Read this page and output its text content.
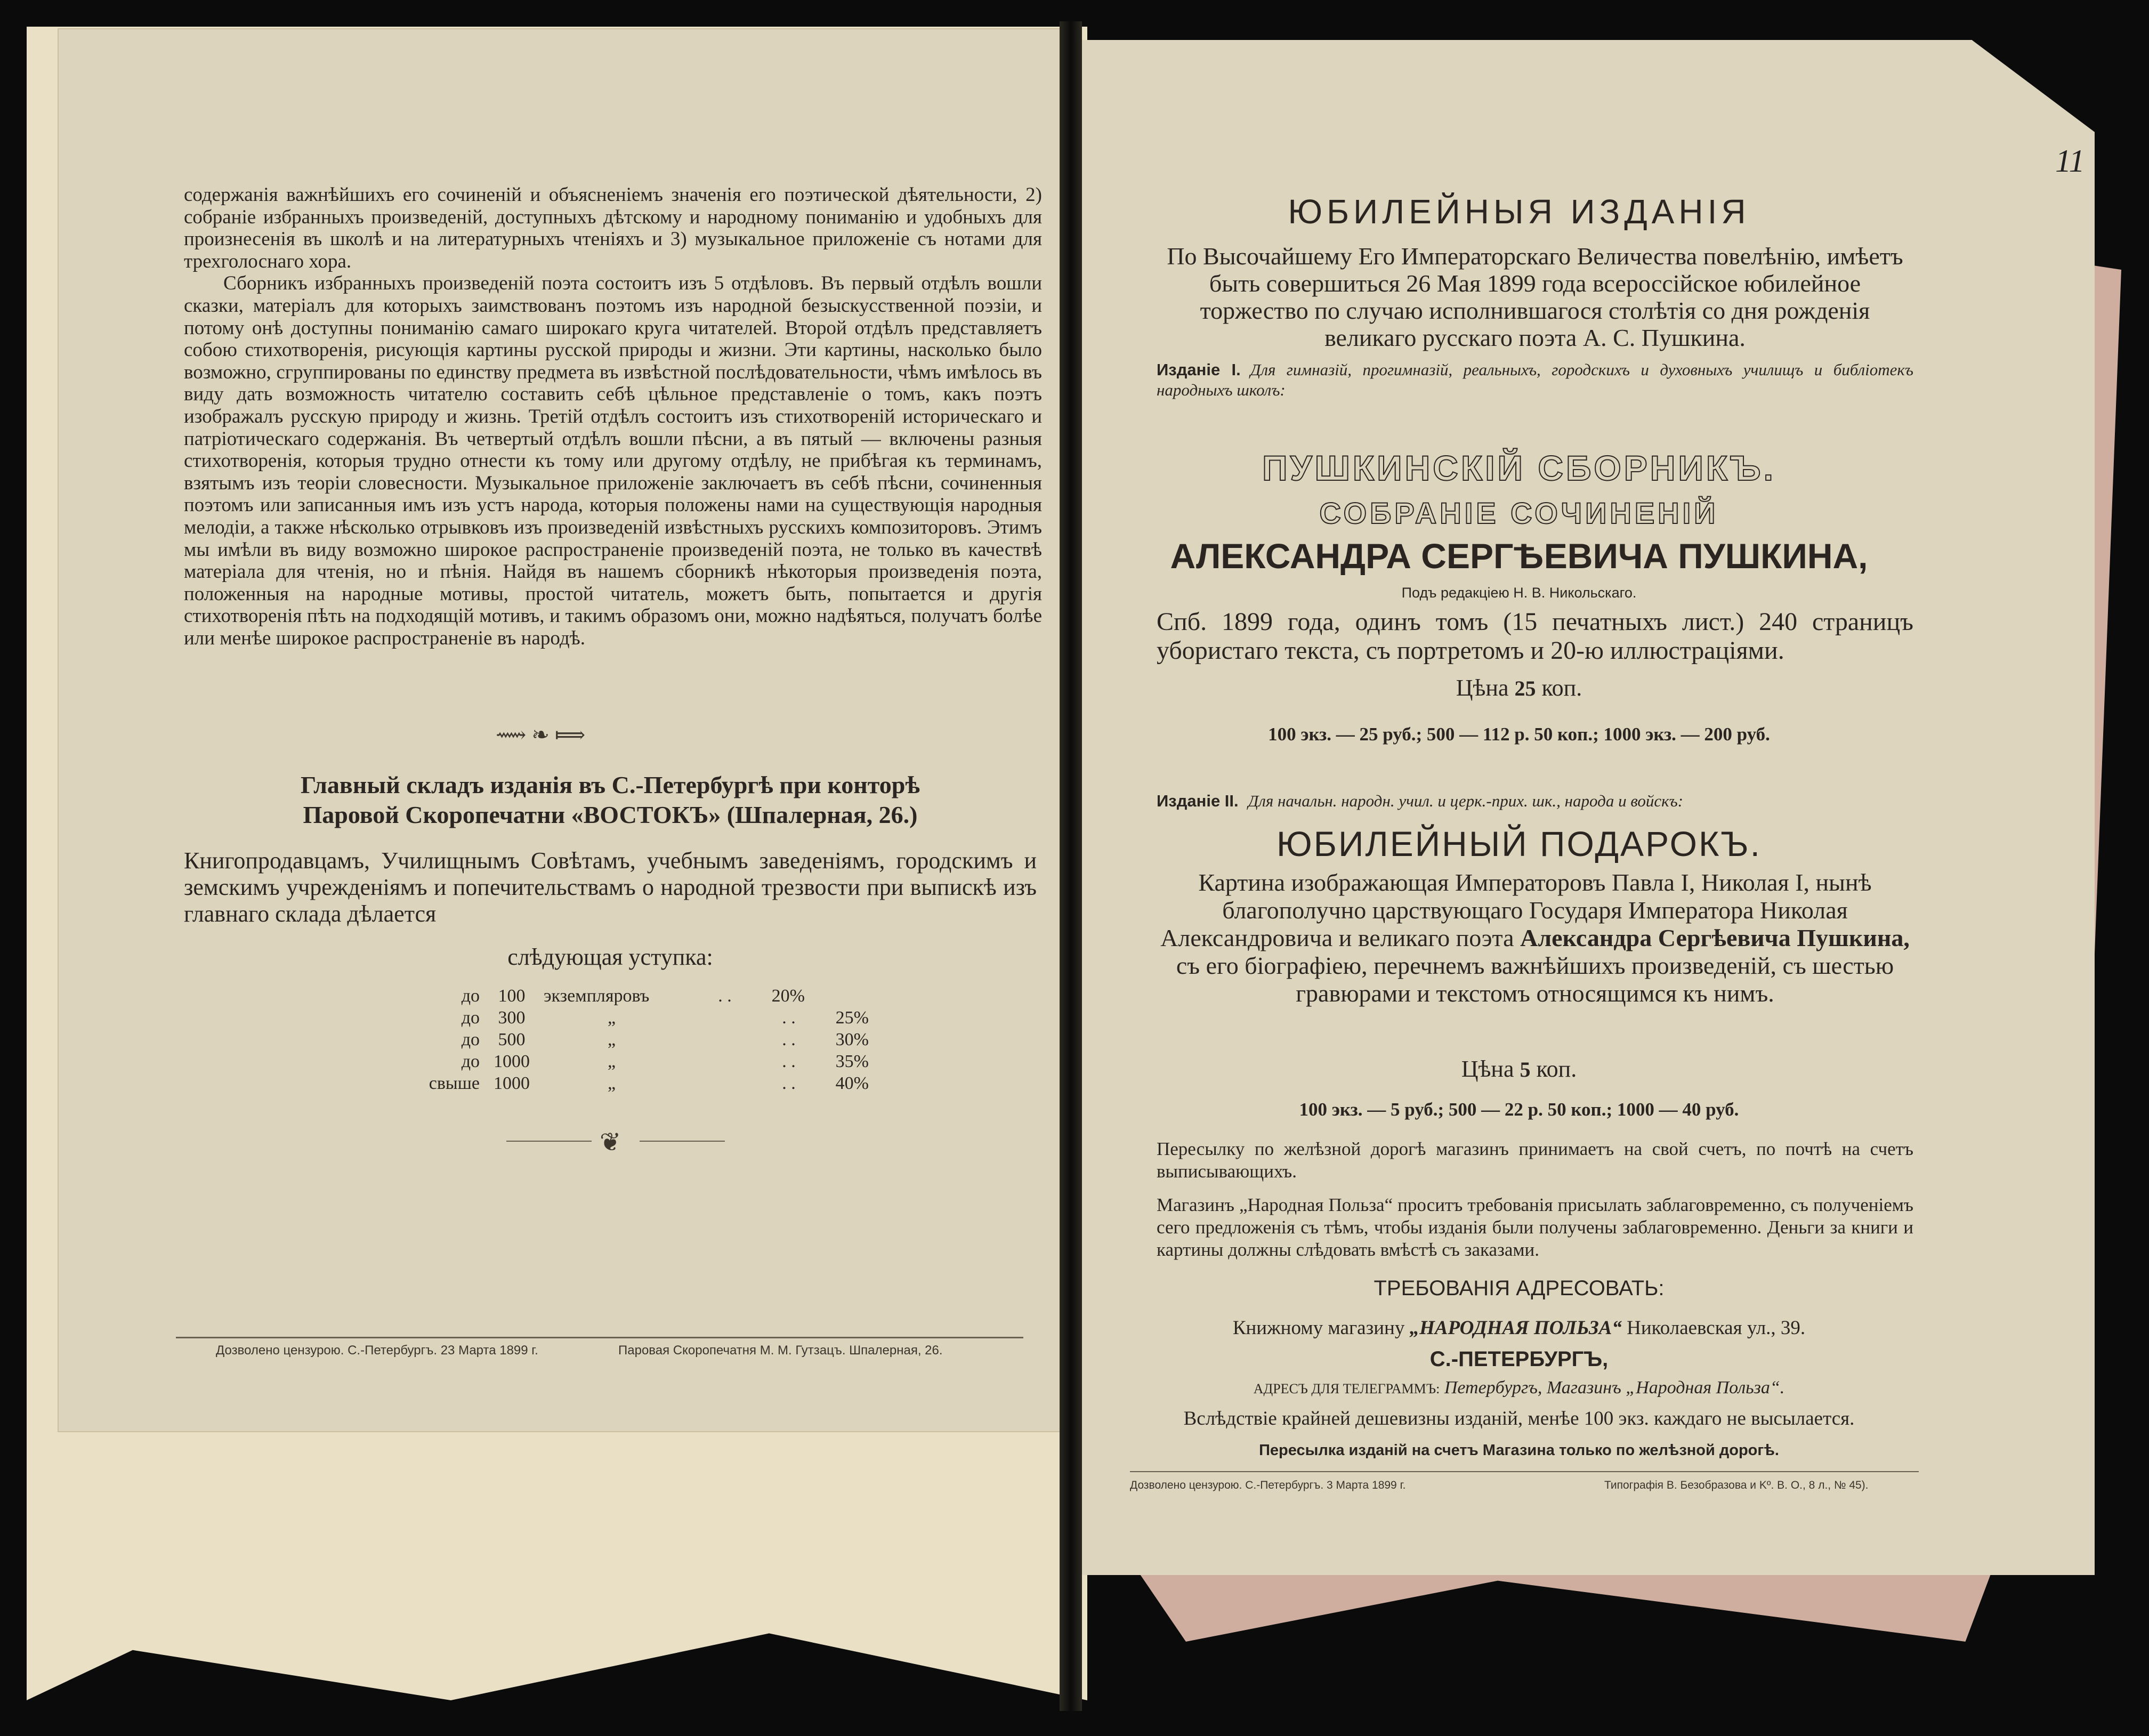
содержанія важнѣйшихъ его сочиненій и объясненіемъ значенія его поэтической дѣятельности, 2) собраніе избранныхъ произведеній, доступныхъ дѣтскому и народному пониманію и удобныхъ для произнесенія въ школѣ и на литературныхъ чтеніяхъ и 3) музыкальное приложеніе съ нотами для трехголоснаго хора.

Сборникъ избранныхъ произведеній поэта состоитъ изъ 5 отдѣловъ. Въ первый отдѣлъ вошли сказки, матеріалъ для которыхъ заимствованъ поэтомъ изъ народной безыскусственной поэзіи, и потому онѣ доступны пониманію самаго широкаго круга читателей. Второй отдѣлъ представляетъ собою стихотворенія, рисующія картины русской природы и жизни. Эти картины, насколько было возможно, сгруппированы по единству предмета въ извѣстной послѣдовательности, чѣмъ имѣлось въ виду дать возможность читателю составить себѣ цѣльное представленіе о томъ, какъ поэтъ изображалъ русскую природу и жизнь. Третій отдѣлъ состоитъ изъ стихотвореній историческаго и патріотическаго содержанія. Въ четвертый отдѣлъ вошли пѣсни, а въ пятый — включены разныя стихотворенія, которыя трудно отнести къ тому или другому отдѣлу, не прибѣгая къ терминамъ, взятымъ изъ теоріи словесности. Музыкальное приложеніе заключаетъ въ себѣ пѣсни, сочиненныя поэтомъ или записанныя имъ изъ устъ народа, которыя положены нами на существующія народныя мелодіи, а также нѣсколько отрывковъ изъ произведеній извѣстныхъ русскихъ композиторовъ. Этимъ мы имѣли въ виду возможно широкое распространеніе произведеній поэта, не только въ качествѣ матеріала для чтенія, но и пѣнія. Найдя въ нашемъ сборникѣ нѣкоторыя произведенія поэта, положенныя на народные мотивы, простой читатель, можетъ быть, попытается и другія стихотворенія пѣть на подходящій мотивъ, и такимъ образомъ они, можно надѣяться, получатъ болѣе или менѣе широкое распространеніе въ народѣ.

⟿ ❧ ⟾
Главный складъ изданія въ С.-Петербургѣ при конторѣ
Паровой Скоропечатни «ВОСТОКЪ» (Шпалерная, 26.)
Книгопродавцамъ, Училищнымъ Совѣтамъ, учебнымъ заведеніямъ, городскимъ и земскимъ учрежденіямъ и попечительствамъ о народной трезвости при выпискѣ изъ главнаго склада дѣлается
слѣдующая уступка:
до	100	экземпляровъ	. .	20%
до	300	„	. .	25%
до	500	„	. .	30%
до 1000	„	. .	35%
свыше 1000	„	. .	40%
❦
Дозволено цензурою. С.-Петербургъ. 23 Марта 1899 г.	Паровая Скоропечатня М. М. Гутзацъ. Шпалерная, 26.
11
ЮБИЛЕЙНЫЯ ИЗДАНІЯ
По Высочайшему Его Императорскаго Величества повелѣнію, имѣетъ быть совершиться 26 Мая 1899 года всероссійское юбилейное торжество по случаю исполнившагося столѣтія со дня рожденія великаго русскаго поэта А. С. Пушкина.
Изданіе I. Для гимназій, прогимназій, реальныхъ, городскихъ и духовныхъ училищъ и библіотекъ народныхъ школъ:
ПУШКИНСКІЙ СБОРНИКЪ.
СОБРАНІЕ СОЧИНЕНІЙ
АЛЕКСАНДРА СЕРГѢЕВИЧА ПУШКИНА,
Подъ редакціею Н. В. Никольскаго.
Спб. 1899 года, одинъ томъ (15 печатныхъ лист.) 240 страницъ убористаго текста, съ портретомъ и 20-ю иллюстраціями.
Цѣна 25 коп.
100 экз. — 25 руб.; 500 — 112 р. 50 коп.; 1000 экз. — 200 руб.
Изданіе II. Для начальн. народн. учил. и церк.-прих. шк., народа и войскъ:
ЮБИЛЕЙНЫЙ ПОДАРОКЪ.
Картина изображающая Императоровъ Павла I, Николая I, нынѣ благополучно царствующаго Государя Императора Николая Александровича и великаго поэта Александра Сергѣевича Пушкина, съ его біографіею, перечнемъ важнѣйшихъ произведеній, съ шестью гравюрами и текстомъ относящимся къ нимъ.
Цѣна 5 коп.
100 экз. — 5 руб.; 500 — 22 р. 50 коп.; 1000 — 40 руб.
Пересылку по желѣзной дорогѣ магазинъ принимаетъ на свой счетъ, по почтѣ на счетъ выписывающихъ.
Магазинъ „Народная Польза“ проситъ требованія присылать заблаговременно, съ полученіемъ сего предложенія съ тѣмъ, чтобы изданія были получены заблаговременно. Деньги за книги и картины должны слѣдовать вмѣстѣ съ заказами.
ТРЕБОВАНІЯ АДРЕСОВАТЬ:
Книжному магазину „НАРОДНАЯ ПОЛЬЗА“ Николаевская ул., 39.
С.-ПЕТЕРБУРГЪ,
АДРЕСЪ ДЛЯ ТЕЛЕГРАММЪ: Петербургъ, Магазинъ „Народная Польза“.
Вслѣдствіе крайней дешевизны изданій, менѣе 100 экз. каждаго не высылается.
Пересылка изданій на счетъ Магазина только по желѣзной дорогѣ.
Дозволено цензурою. С.-Петербургъ. 3 Марта 1899 г.	Типографія В. Безобразова и Kº. В. О., 8 л., № 45).
